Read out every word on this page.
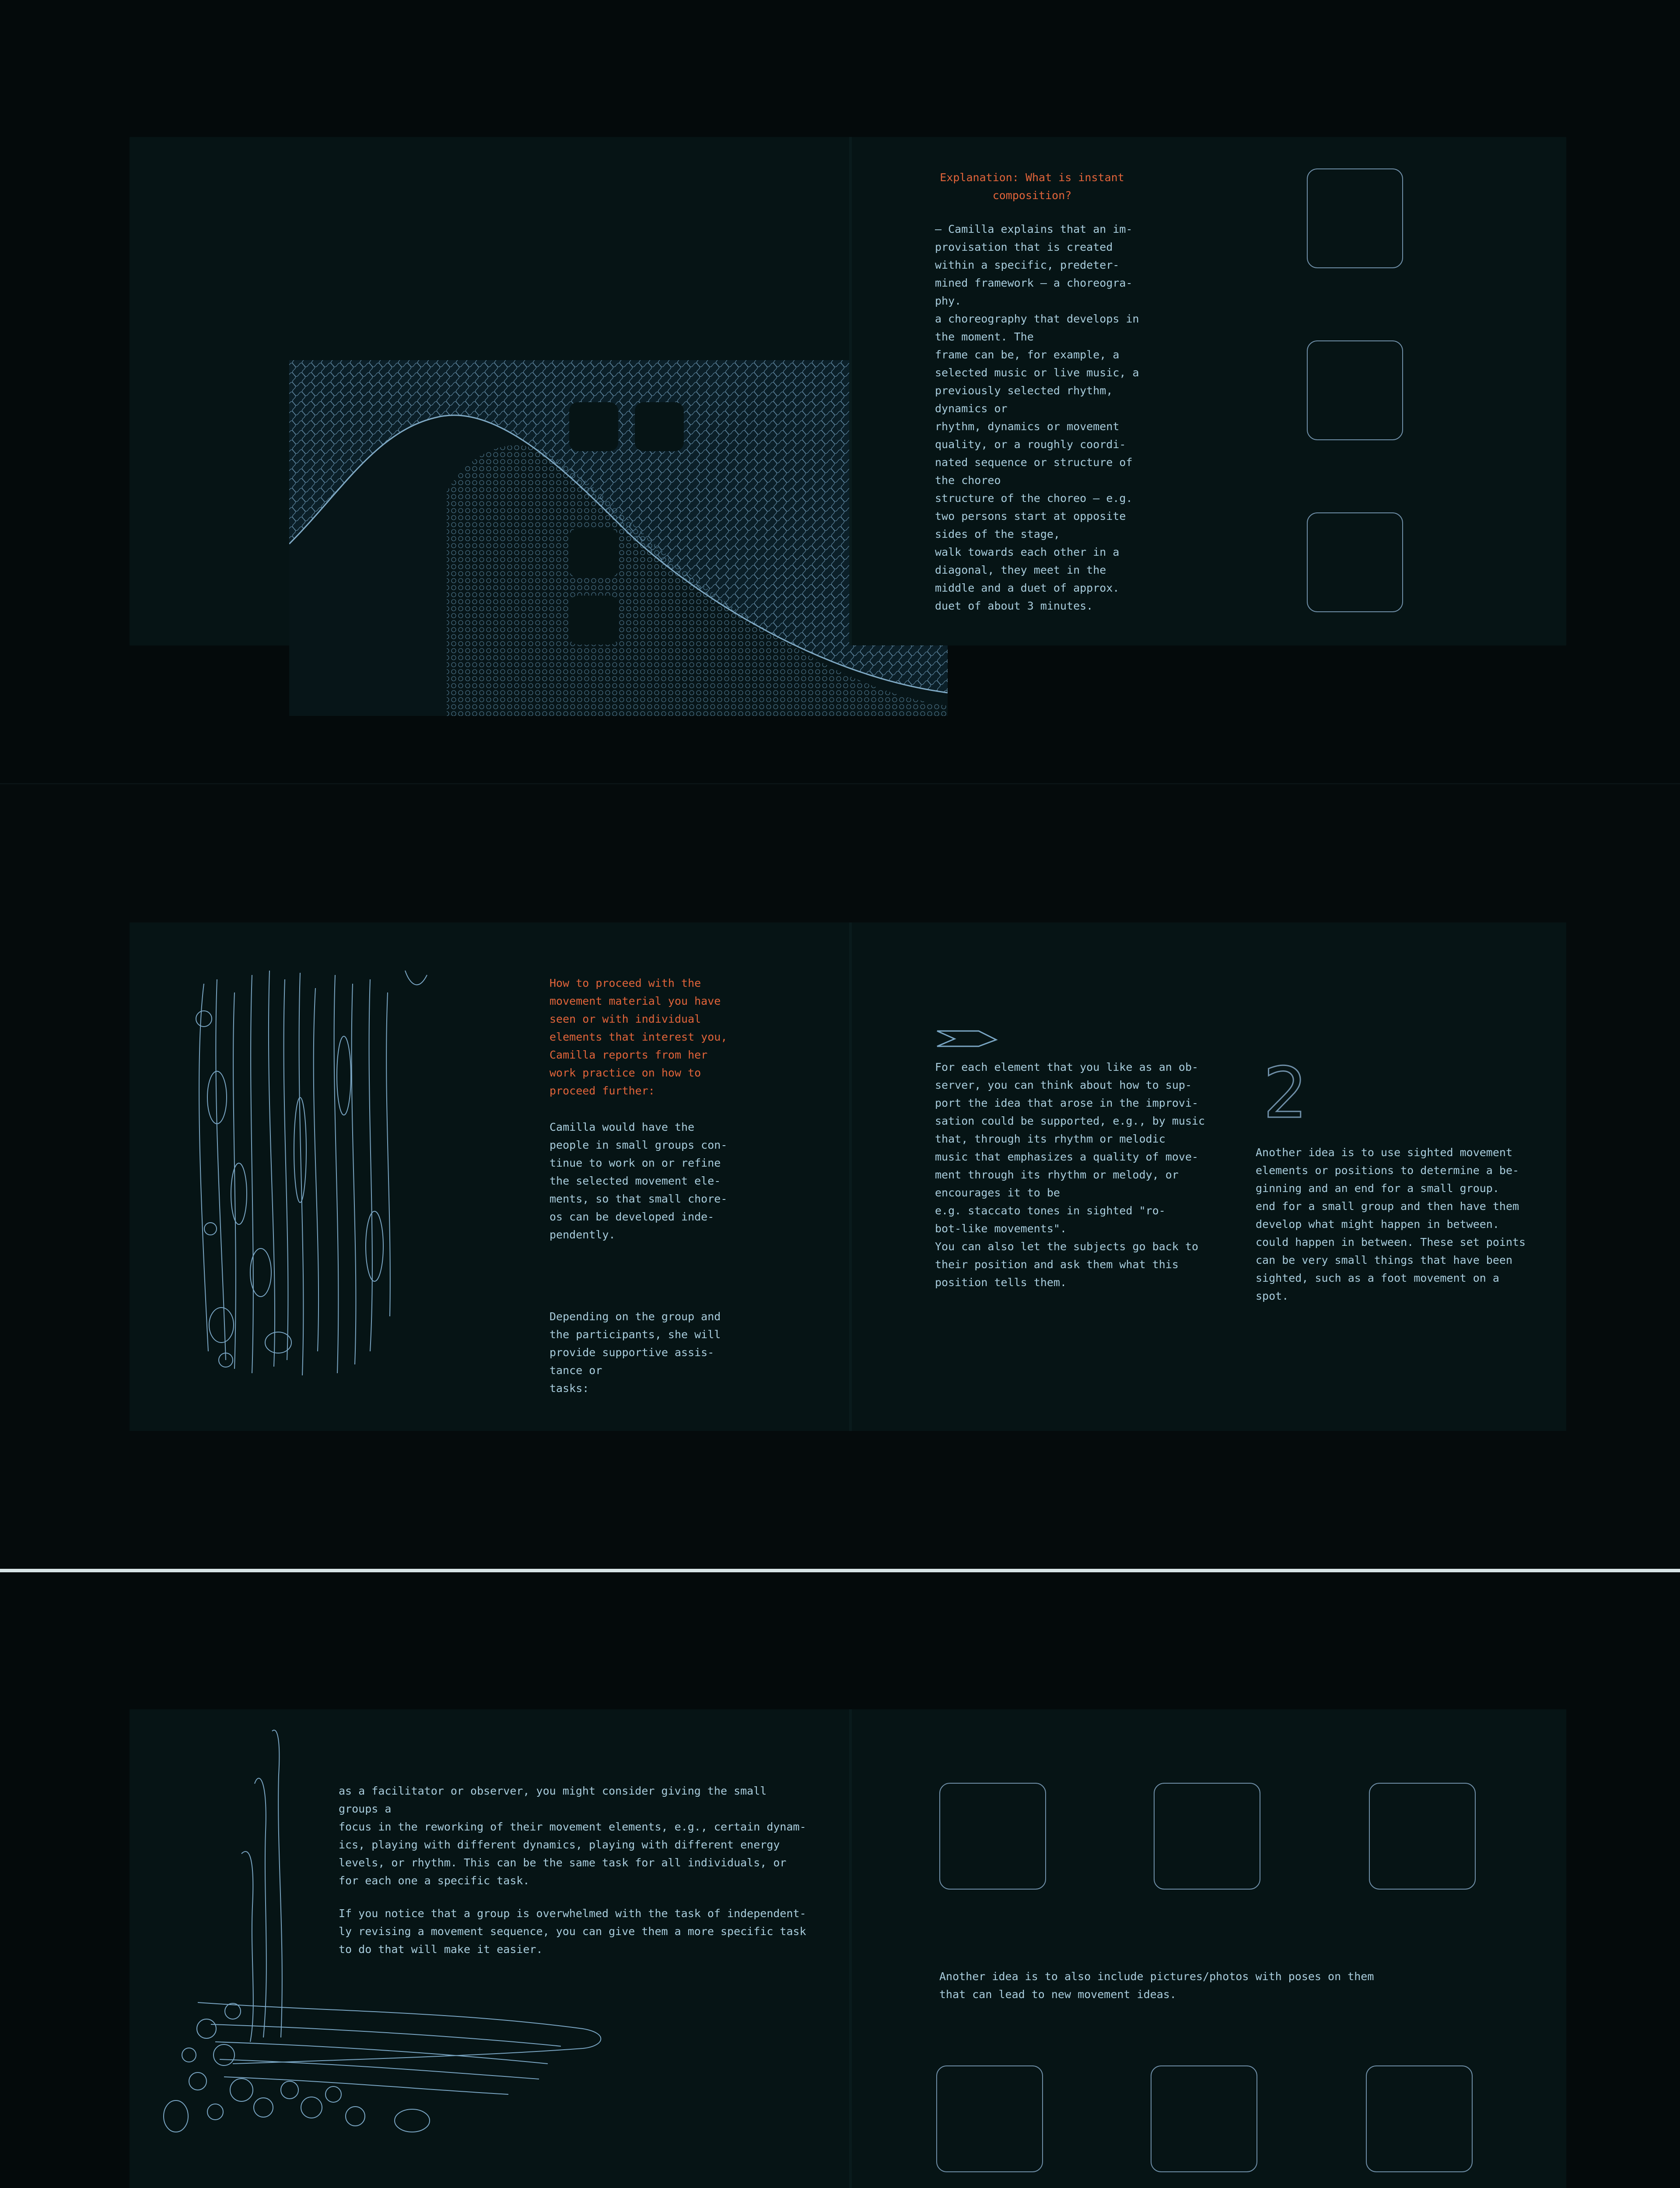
Explanation: What is instant
composition?
– Camilla explains that an im-
provisation that is created
within a specific, predeter-
mined framework – a choreogra-
phy.
a choreography that develops in
the moment. The
frame can be, for example, a
selected music or live music, a
previously selected rhythm,
dynamics or
rhythm, dynamics or movement
quality, or a roughly coordi-
nated sequence or structure of
the choreo
structure of the choreo – e.g.
two persons start at opposite
sides of the stage,
walk towards each other in a
diagonal, they meet in the
middle and a duet of approx.
duet of about 3 minutes.
How to proceed with the
movement material you have
seen or with individual
elements that interest you,
Camilla reports from her
work practice on how to
proceed further:
Camilla would have the
people in small groups con-
tinue to work on or refine
the selected movement ele-
ments, so that small chore-
os can be developed inde-
pendently.
Depending on the group and
the participants, she will
provide supportive assis-
tance or
tasks:
For each element that you like as an ob-
server, you can think about how to sup-
port the idea that arose in the improvi-
sation could be supported, e.g., by music
that, through its rhythm or melodic
music that emphasizes a quality of move-
ment through its rhythm or melody, or
encourages it to be
e.g. staccato tones in sighted "ro-
bot-like movements".
You can also let the subjects go back to
their position and ask them what this
position tells them.
2
Another idea is to use sighted movement
elements or positions to determine a be-
ginning and an end for a small group.
end for a small group and then have them
develop what might happen in between.
could happen in between. These set points
can be very small things that have been
sighted, such as a foot movement on a
spot.
as a facilitator or observer, you might consider giving the small
groups a
focus in the reworking of their movement elements, e.g., certain dynam-
ics, playing with different dynamics, playing with different energy
levels, or rhythm. This can be the same task for all individuals, or
for each one a specific task.
If you notice that a group is overwhelmed with the task of independent-
ly revising a movement sequence, you can give them a more specific task
to do that will make it easier.
Another idea is to also include pictures/photos with poses on them
that can lead to new movement ideas.
